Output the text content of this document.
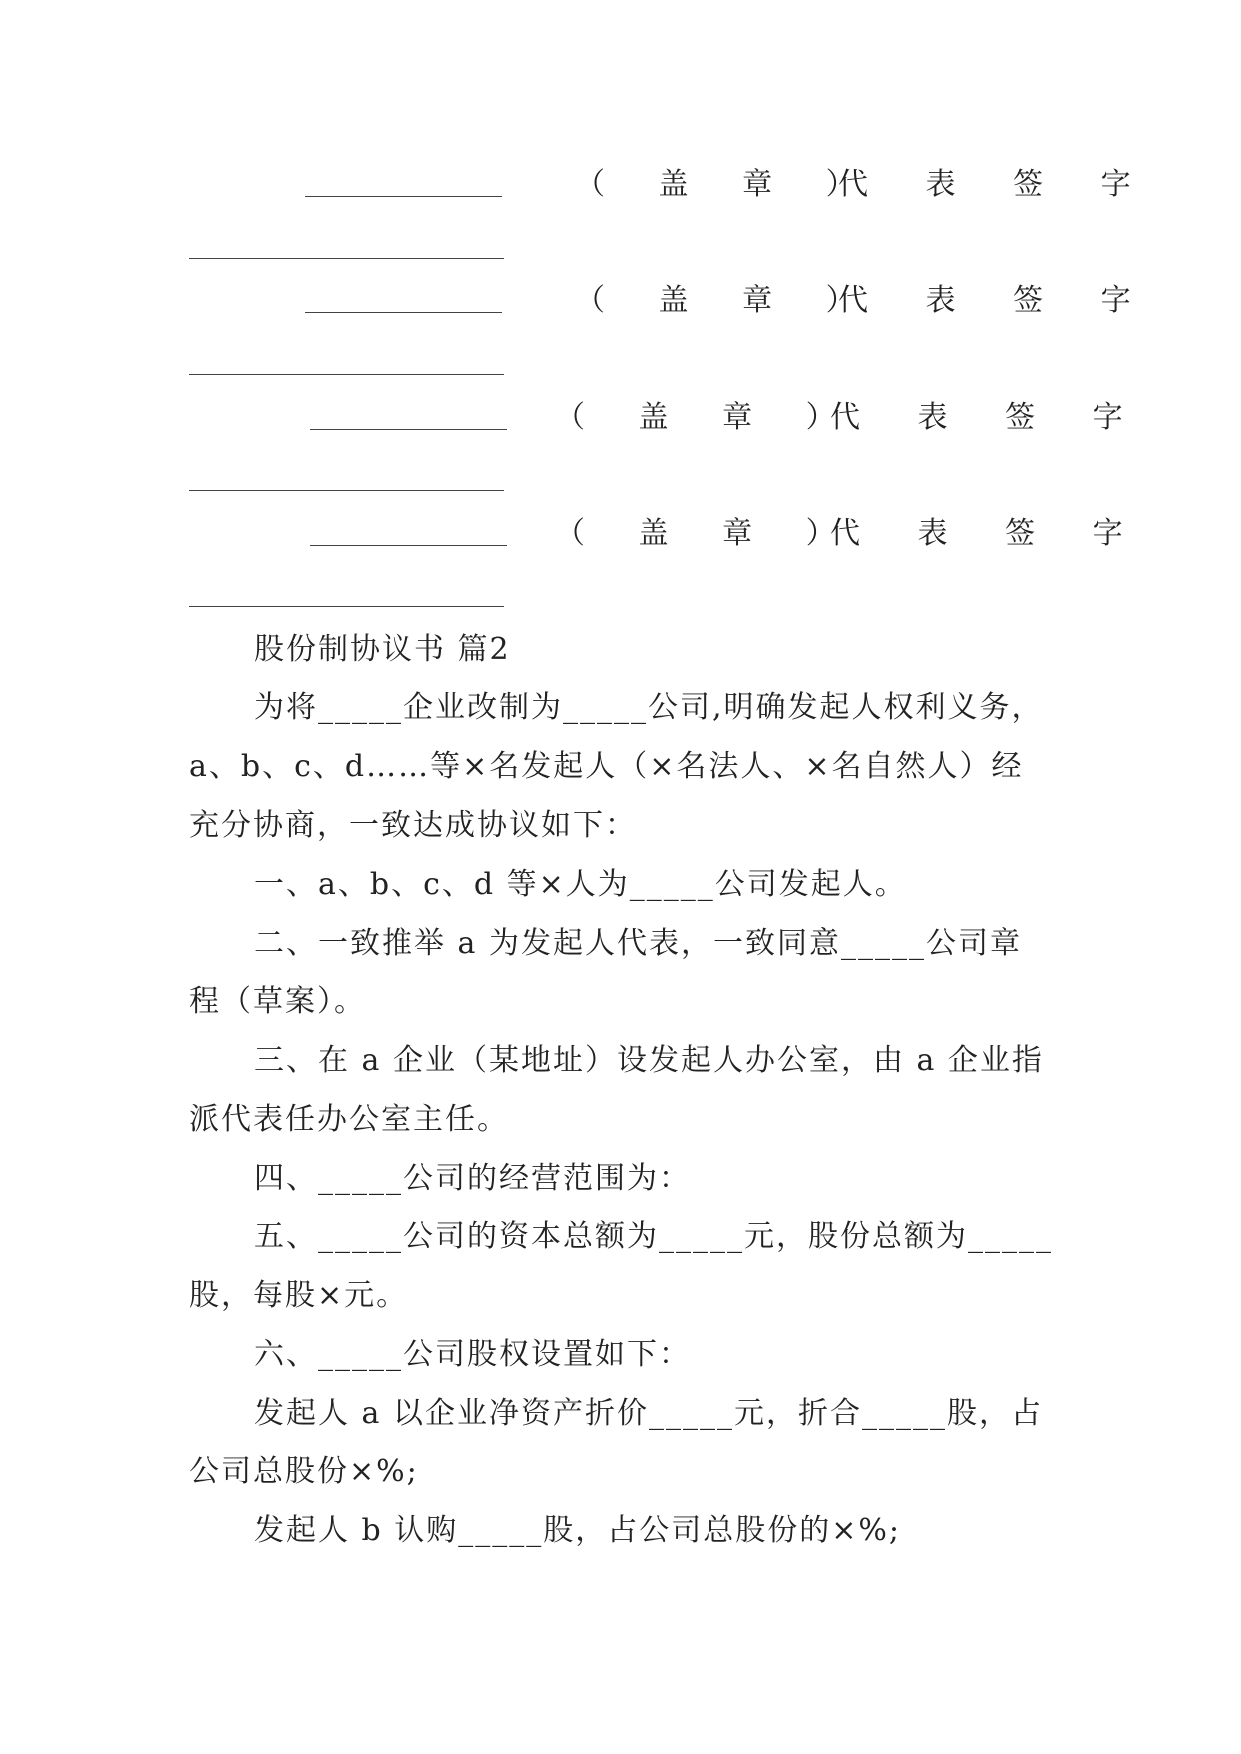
（ 盖 章 ）
代 表 签 字
（ 盖 章 ）
代 表 签 字
（ 盖 章 ）
代 表 签 字
（ 盖 章 ）
代 表 签 字
股份制协议书 篇2
为将_____企业改制为_____公司,明确发起人权利义务，
a、b、c、d……等×名发起人（×名法人、×名自然人）经
充分协商，一致达成协议如下：
一、a、b、c、d 等×人为_____公司发起人。
二、一致推举 a 为发起人代表，一致同意_____公司章
程（草案）。
三、在 a 企业（某地址）设发起人办公室，由 a 企业指
派代表任办公室主任。
四、_____公司的经营范围为：
五、_____公司的资本总额为_____元，股份总额为_____
股，每股×元。
六、_____公司股权设置如下：
发起人 a 以企业净资产折价_____元，折合_____股，占
公司总股份×%;
发起人 b 认购_____股，占公司总股份的×%;
